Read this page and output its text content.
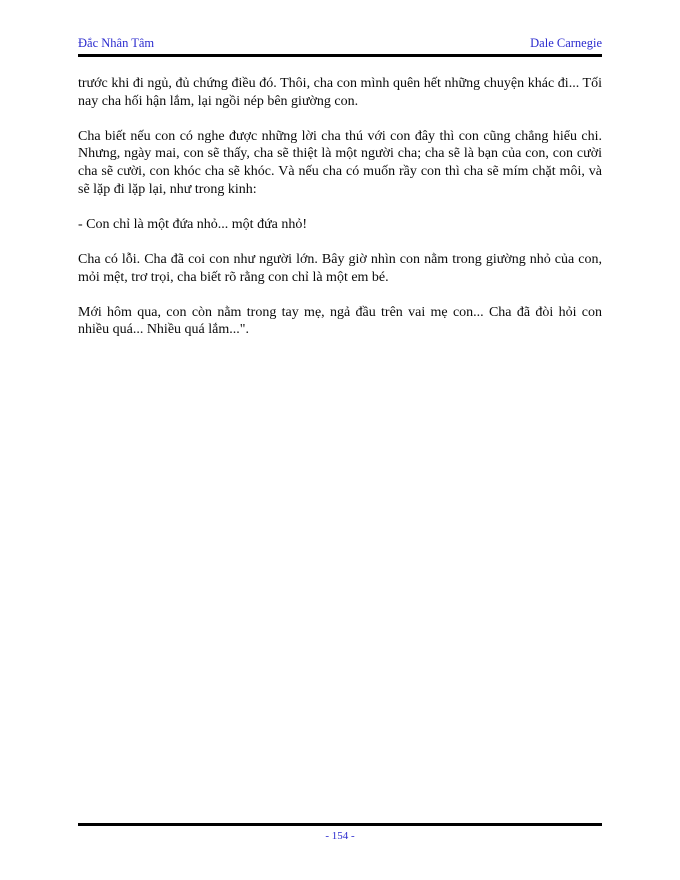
Đắc Nhân Tâm	Dale Carnegie

trước khi đi ngủ, đủ chứng điều đó. Thôi, cha con mình quên hết những chuyện khác đi... Tối nay cha hối hận lắm, lại ngồi nép bên giường con.

Cha biết nếu con có nghe được những lời cha thú với con đây thì con cũng chẳng hiểu chi. Nhưng, ngày mai, con sẽ thấy, cha sẽ thiệt là một người cha; cha sẽ là bạn của con, con cười cha sẽ cười, con khóc cha sẽ khóc. Và nếu cha có muốn rầy con thì cha sẽ mím chặt môi, và sẽ lặp đi lặp lại, như trong kinh:

- Con chỉ là một đứa nhỏ... một đứa nhỏ!

Cha có lỗi. Cha đã coi con như người lớn. Bây giờ nhìn con nằm trong giường nhỏ của con, mỏi mệt, trơ trọi, cha biết rõ rằng con chỉ là một em bé.

Mới hôm qua, con còn nằm trong tay mẹ, ngả đầu trên vai mẹ con... Cha đã đòi hỏi con nhiều quá... Nhiều quá lắm...".

- 154 -
